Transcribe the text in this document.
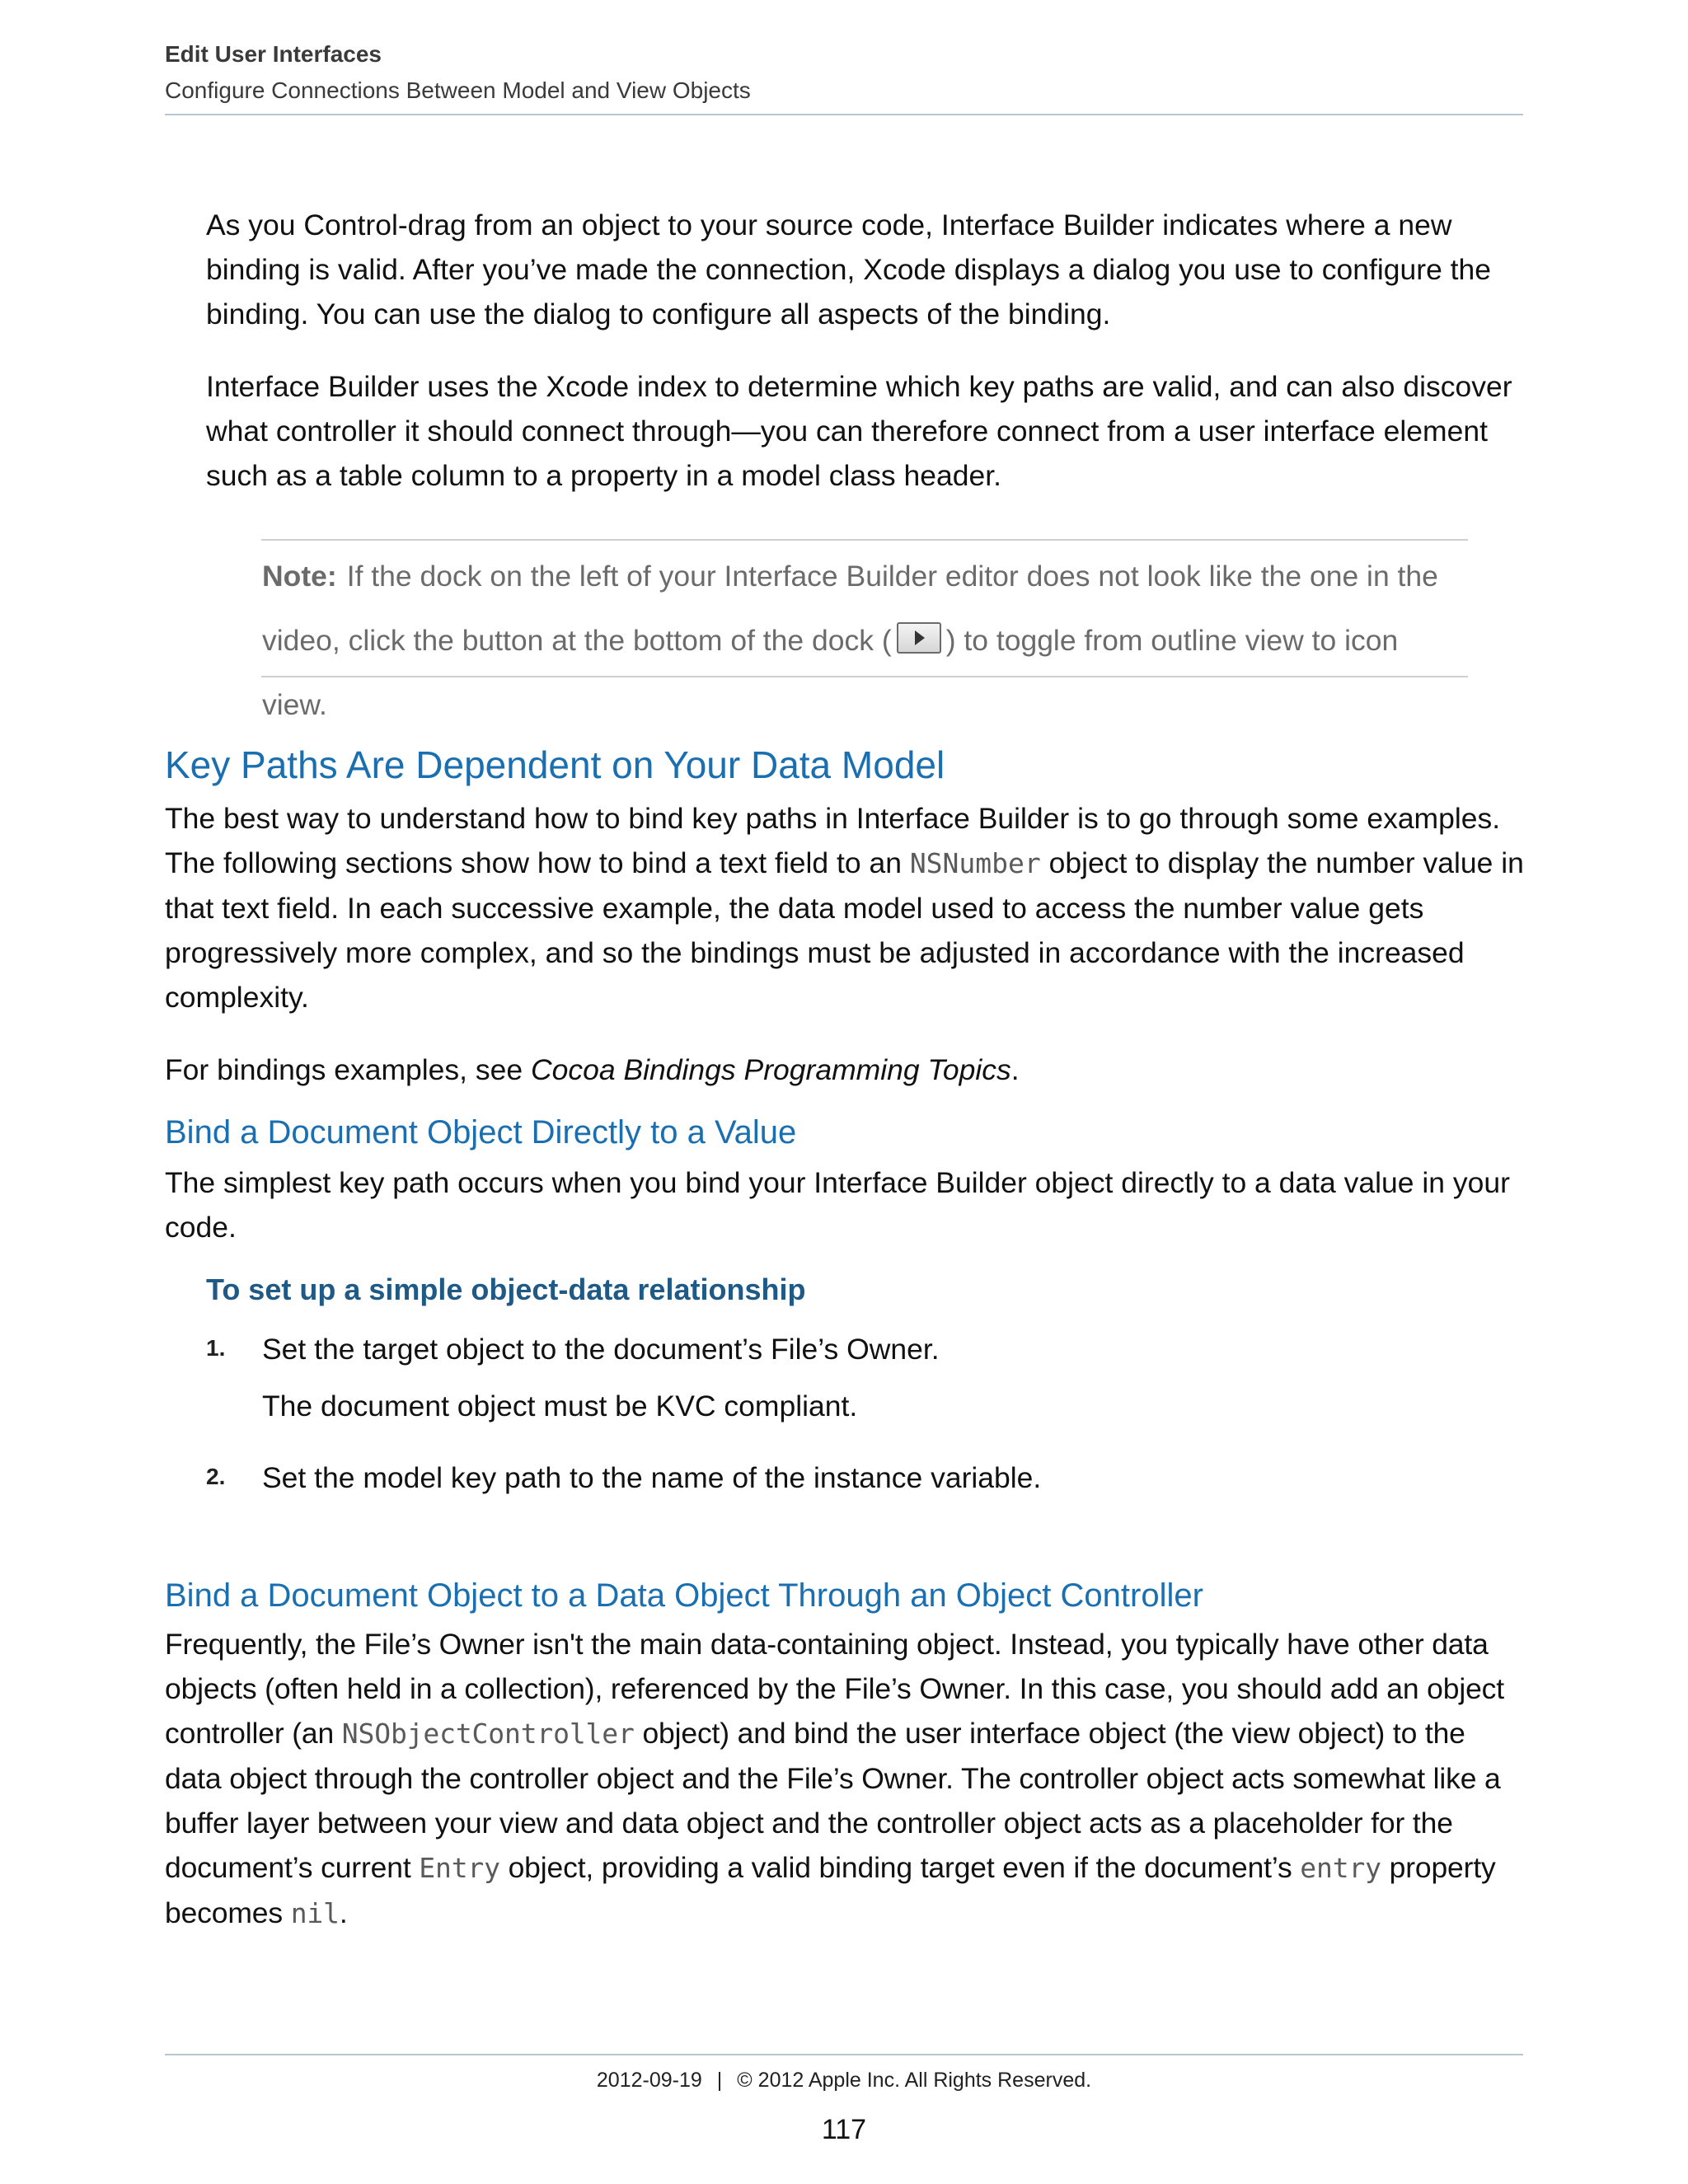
Edit User Interfaces
Configure Connections Between Model and View Objects

As you Control-drag from an object to your source code, Interface Builder indicates where a new binding is valid. After you’ve made the connection, Xcode displays a dialog you use to configure the binding. You can use the dialog to configure all aspects of the binding.

Interface Builder uses the Xcode index to determine which key paths are valid, and can also discover what controller it should connect through—you can therefore connect from a user interface element such as a table column to a property in a model class header.

Note: If the dock on the left of your Interface Builder editor does not look like the one in the video, click the button at the bottom of the dock ( ) to toggle from outline view to icon view.

Key Paths Are Dependent on Your Data Model

The best way to understand how to bind key paths in Interface Builder is to go through some examples. The following sections show how to bind a text field to an NSNumber object to display the number value in that text field. In each successive example, the data model used to access the number value gets progressively more complex, and so the bindings must be adjusted in accordance with the increased complexity.

For bindings examples, see Cocoa Bindings Programming Topics.

Bind a Document Object Directly to a Value

The simplest key path occurs when you bind your Interface Builder object directly to a data value in your code.

To set up a simple object-data relationship
1. Set the target object to the document’s File’s Owner.
The document object must be KVC compliant.
2. Set the model key path to the name of the instance variable.
Bind a Document Object to a Data Object Through an Object Controller

Frequently, the File’s Owner isn't the main data-containing object. Instead, you typically have other data objects (often held in a collection), referenced by the File’s Owner. In this case, you should add an object controller (an NSObjectController object) and bind the user interface object (the view object) to the data object through the controller object and the File’s Owner. The controller object acts somewhat like a buffer layer between your view and data object and the controller object acts as a placeholder for the document’s current Entry object, providing a valid binding target even if the document’s entry property becomes nil.

2012-09-19 | © 2012 Apple Inc. All Rights Reserved.
117
